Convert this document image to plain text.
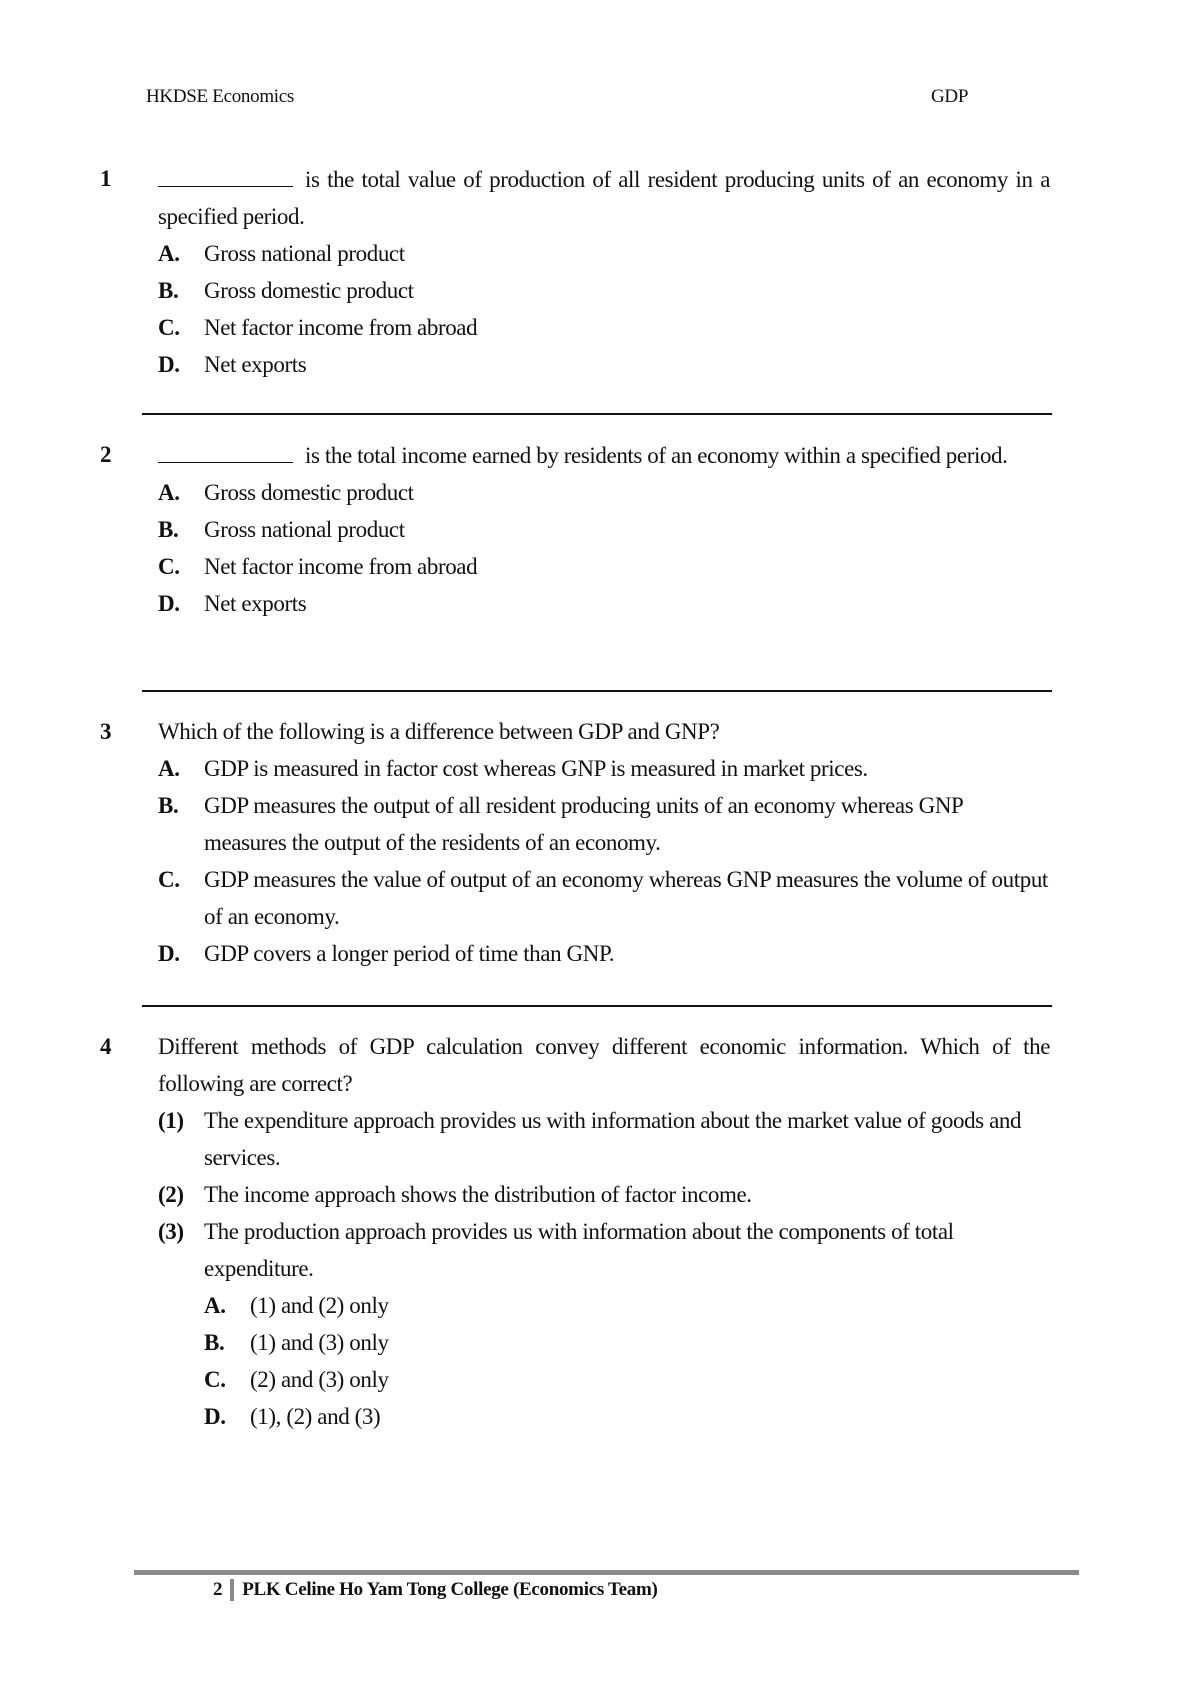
HKDSE Economics	GDP
1	is the total value of production of all resident producing units of an economy in a specified period.
A.	Gross national product
B.	Gross domestic product
C.	Net factor income from abroad
D.	Net exports
2	is the total income earned by residents of an economy within a specified period.
A.	Gross domestic product
B.	Gross national product
C.	Net factor income from abroad
D.	Net exports
3	Which of the following is a difference between GDP and GNP?
A.	GDP is measured in factor cost whereas GNP is measured in market prices.
B.	GDP measures the output of all resident producing units of an economy whereas GNP measures the output of the residents of an economy.
C.	GDP measures the value of output of an economy whereas GNP measures the volume of output of an economy.
D.	GDP covers a longer period of time than GNP.
4	Different methods of GDP calculation convey different economic information. Which of the following are correct?
(1) The expenditure approach provides us with information about the market value of goods and services.
(2) The income approach shows the distribution of factor income.
(3) The production approach provides us with information about the components of total expenditure.
A.	(1) and (2) only
B.	(1) and (3) only
C.	(2) and (3) only
D.	(1), (2) and (3)
2 PLK Celine Ho Yam Tong College (Economics Team)
